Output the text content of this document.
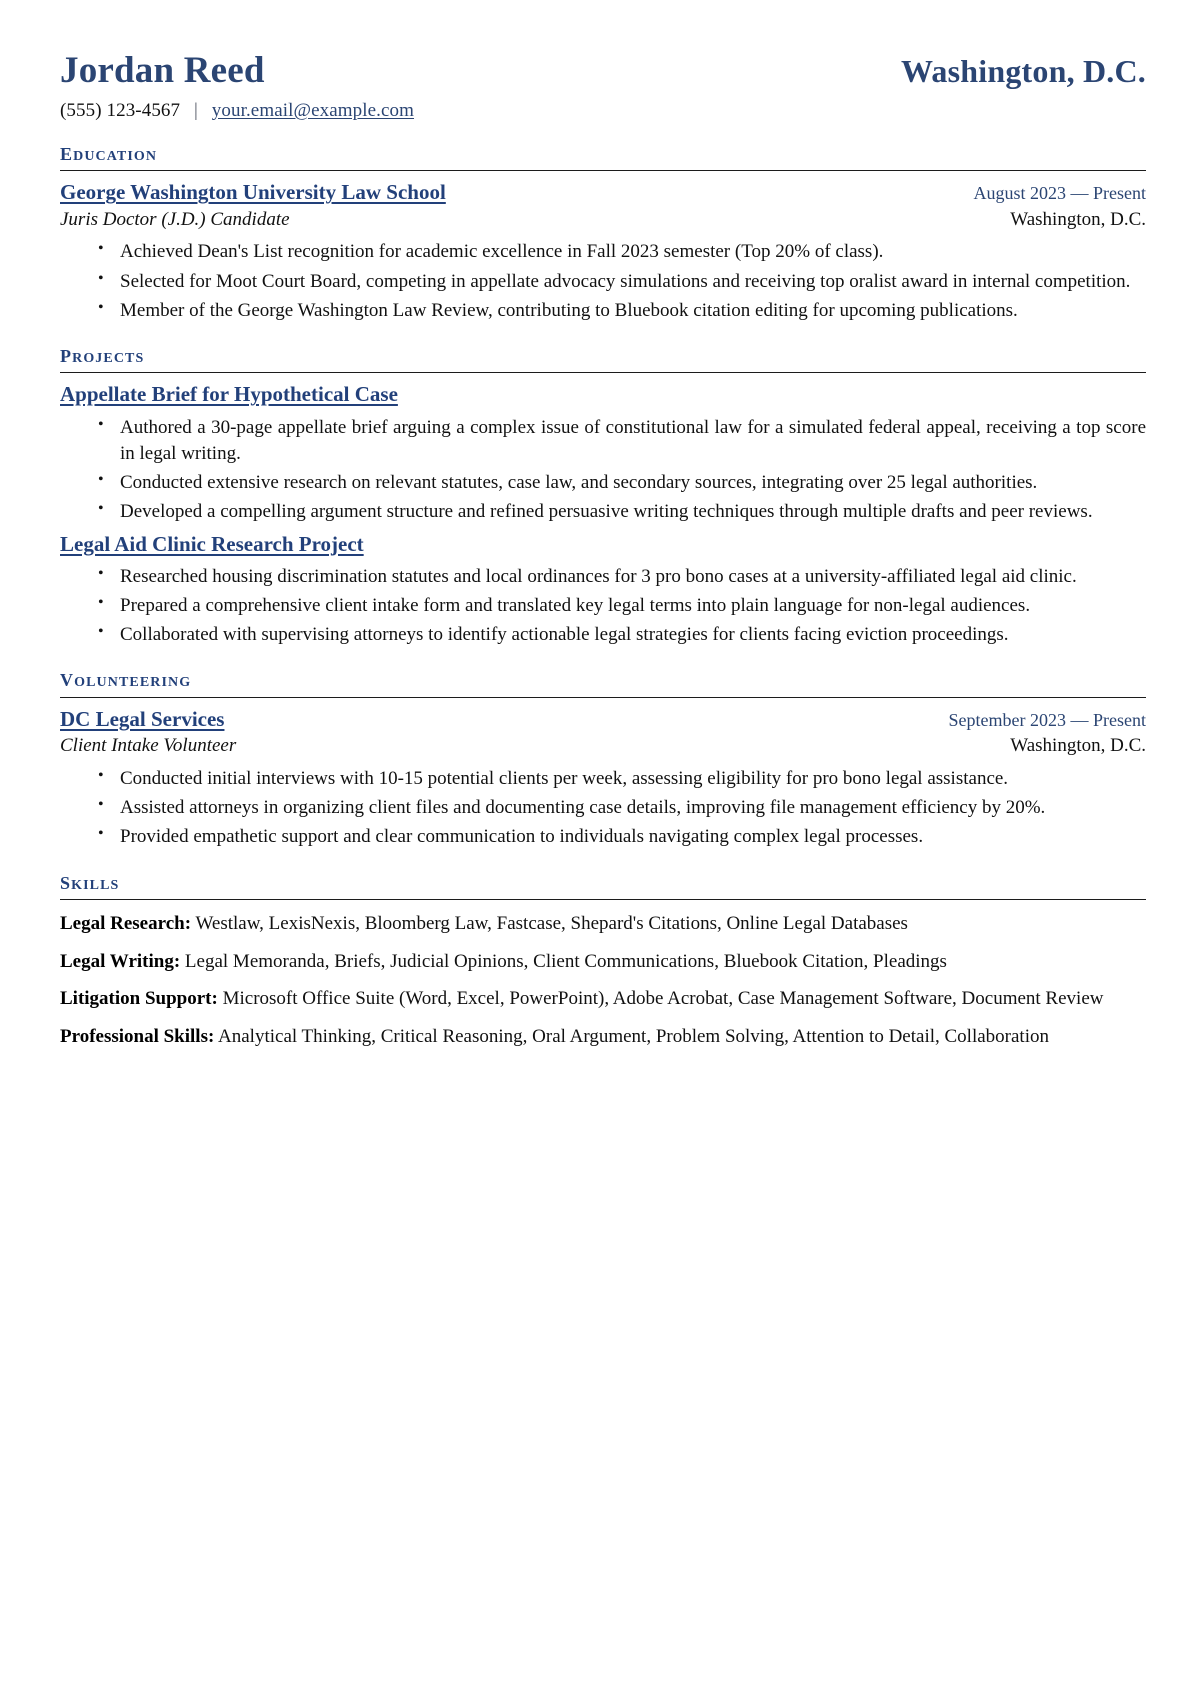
Jordan Reed	Washington, D.C.
(555) 123-4567 | your.email@example.com
education
George Washington University Law School	August 2023 — Present
Juris Doctor (J.D.) Candidate	Washington, D.C.
• Achieved Dean's List recognition for academic excellence in Fall 2023 semester (Top 20% of class).
• Selected for Moot Court Board, competing in appellate advocacy simulations and receiving top oralist award in internal competition.
• Member of the George Washington Law Review, contributing to Bluebook citation editing for upcoming publications.
projects
Appellate Brief for Hypothetical Case
• Authored a 30-page appellate brief arguing a complex issue of constitutional law for a simulated federal appeal, receiving a top score in legal writing.
• Conducted extensive research on relevant statutes, case law, and secondary sources, integrating over 25 legal authorities.
• Developed a compelling argument structure and refined persuasive writing techniques through multiple drafts and peer reviews.
Legal Aid Clinic Research Project
• Researched housing discrimination statutes and local ordinances for 3 pro bono cases at a university-affiliated legal aid clinic.
• Prepared a comprehensive client intake form and translated key legal terms into plain language for non-legal audiences.
• Collaborated with supervising attorneys to identify actionable legal strategies for clients facing eviction proceedings.
volunteering
DC Legal Services	September 2023 — Present
Client Intake Volunteer	Washington, D.C.
• Conducted initial interviews with 10-15 potential clients per week, assessing eligibility for pro bono legal assistance.
• Assisted attorneys in organizing client files and documenting case details, improving file management efficiency by 20%.
• Provided empathetic support and clear communication to individuals navigating complex legal processes.
skills
Legal Research: Westlaw, LexisNexis, Bloomberg Law, Fastcase, Shepard's Citations, Online Legal Databases
Legal Writing: Legal Memoranda, Briefs, Judicial Opinions, Client Communications, Bluebook Citation, Pleadings
Litigation Support: Microsoft Office Suite (Word, Excel, PowerPoint), Adobe Acrobat, Case Management Software, Document Review
Professional Skills: Analytical Thinking, Critical Reasoning, Oral Argument, Problem Solving, Attention to Detail, Collaboration
